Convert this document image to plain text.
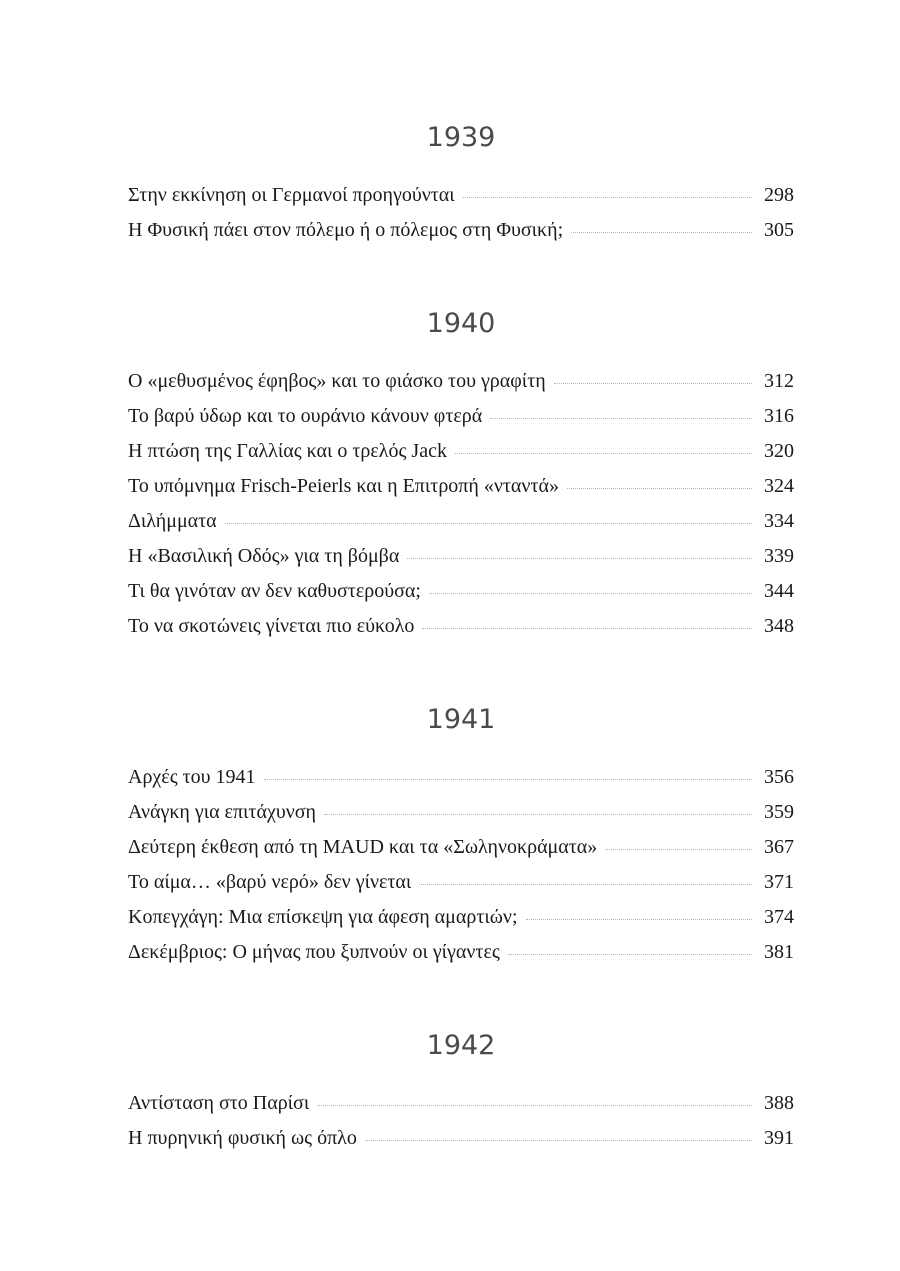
1939
Στην εκκίνηση οι Γερμανοί προηγούνται	298
Η Φυσική πάει στον πόλεμο ή ο πόλεμος στη Φυσική;	305
1940
Ο «μεθυσμένος έφηβος» και το φιάσκο του γραφίτη	312
Το βαρύ ύδωρ και το ουράνιο κάνουν φτερά	316
Η πτώση της Γαλλίας και ο τρελός Jack	320
Το υπόμνημα Frisch-Peierls και η Επιτροπή «νταντά»	324
Διλήμματα	334
Η «Βασιλική Οδός» για τη βόμβα	339
Τι θα γινόταν αν δεν καθυστερούσα;	344
Το να σκοτώνεις γίνεται πιο εύκολο	348
1941
Αρχές του 1941	356
Ανάγκη για επιτάχυνση	359
Δεύτερη έκθεση από τη MAUD και τα «Σωληνοκράματα»	367
Το αίμα… «βαρύ νερό» δεν γίνεται	371
Κοπεγχάγη: Μια επίσκεψη για άφεση αμαρτιών;	374
Δεκέμβριος: Ο μήνας που ξυπνούν οι γίγαντες	381
1942
Αντίσταση στο Παρίσι	388
Η πυρηνική φυσική ως όπλο	391
